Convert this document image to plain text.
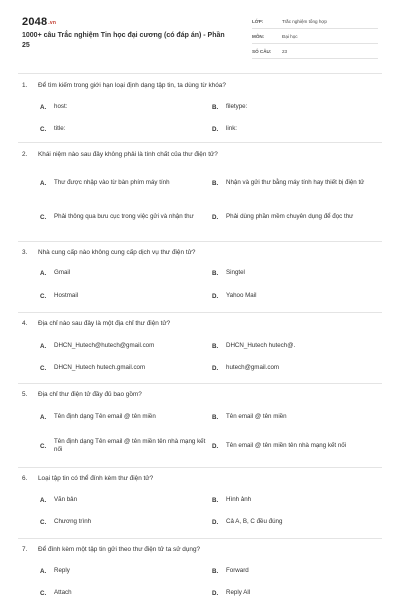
$2048^{.vn}$
1000+ câu Trắc nghiệm Tin học đại cương (có đáp án) - Phần 25
LỚP:	Trắc nghiệm tổng hợp
MÔN:	Đại học
SỐ CÂU:	23
1. Để tìm kiếm trong giới hạn loại định dạng tập tin, ta dùng từ khóa?
A.	host:	B.	filetype:
C.	title:	D.	link:
2. Khái niệm nào sau đây không phải là tính chất của thư điện tử?
A.	Thư được nhập vào từ bàn phím máy tính	B.	Nhận và gửi thư bằng máy tính hay thiết bị điện tử
C.	Phải thông qua bưu cục trong việc gửi và nhận thư	D.	Phải dùng phần mềm chuyên dụng để đọc thư
3. Nhà cung cấp nào không cung cấp dịch vụ thư điện tử?
A.	Gmail	B.	Singtel
C.	Hostmail	D.	Yahoo Mail
4. Địa chỉ nào sau đây là một địa chỉ thư điện tử?
A.	DHCN_Hutech@hutech@gmail.com	B.	DHCN_Hutech hutech@.
C.	DHCN_Hutech hutech.gmail.com	D.	hutech@gmail.com
5. Địa chỉ thư điện tử đầy đủ bao gồm?
A.	Tên định dạng Tên email @ tên miền	B.	Tên email @ tên miền
C.
Tên định dạng Tên email @ tên miền tên nhà mạng kết nối	D.	Tên email @ tên miền tên nhà mạng kết nối
6. Loại tập tin có thể đính kèm thư điện tử?
A.	Văn bản	B.	Hình ảnh
C.	Chương trình	D.	Cả A, B, C đều đúng
7. Để đính kèm một tập tin gửi theo thư điện tử ta sử dụng?
A.	Reply	B.	Forward
C.	Attach	D.	Reply All
